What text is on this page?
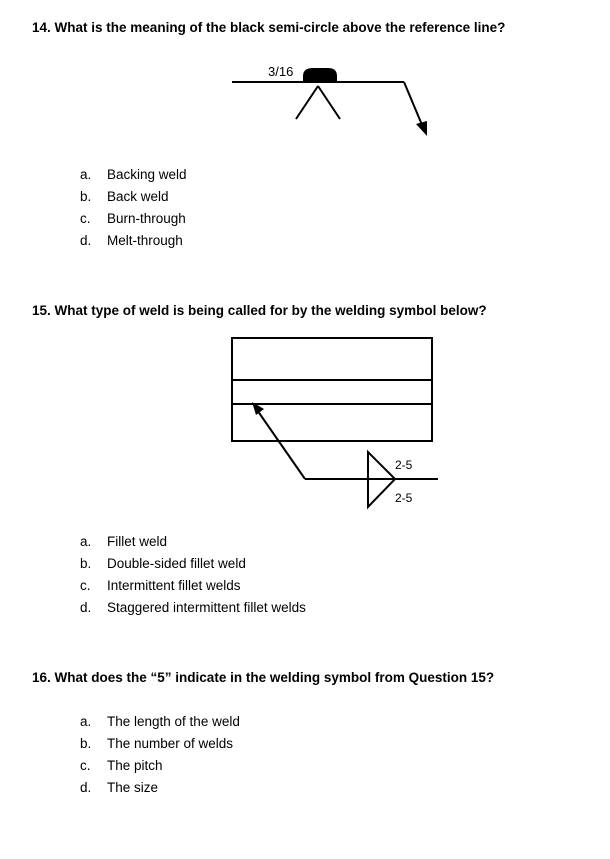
14. What is the meaning of the black semi-circle above the reference line?

3/16
a. Backing weld
b. Back weld
c. Burn-through
d. Melt-through

15. What type of weld is being called for by the welding symbol below?

2-5
2-5
a. Fillet weld
b. Double-sided fillet weld
c. Intermittent fillet welds
d. Staggered intermittent fillet welds

16. What does the “5” indicate in the welding symbol from Question 15?

a. The length of the weld
b. The number of welds
c. The pitch
d. The size
